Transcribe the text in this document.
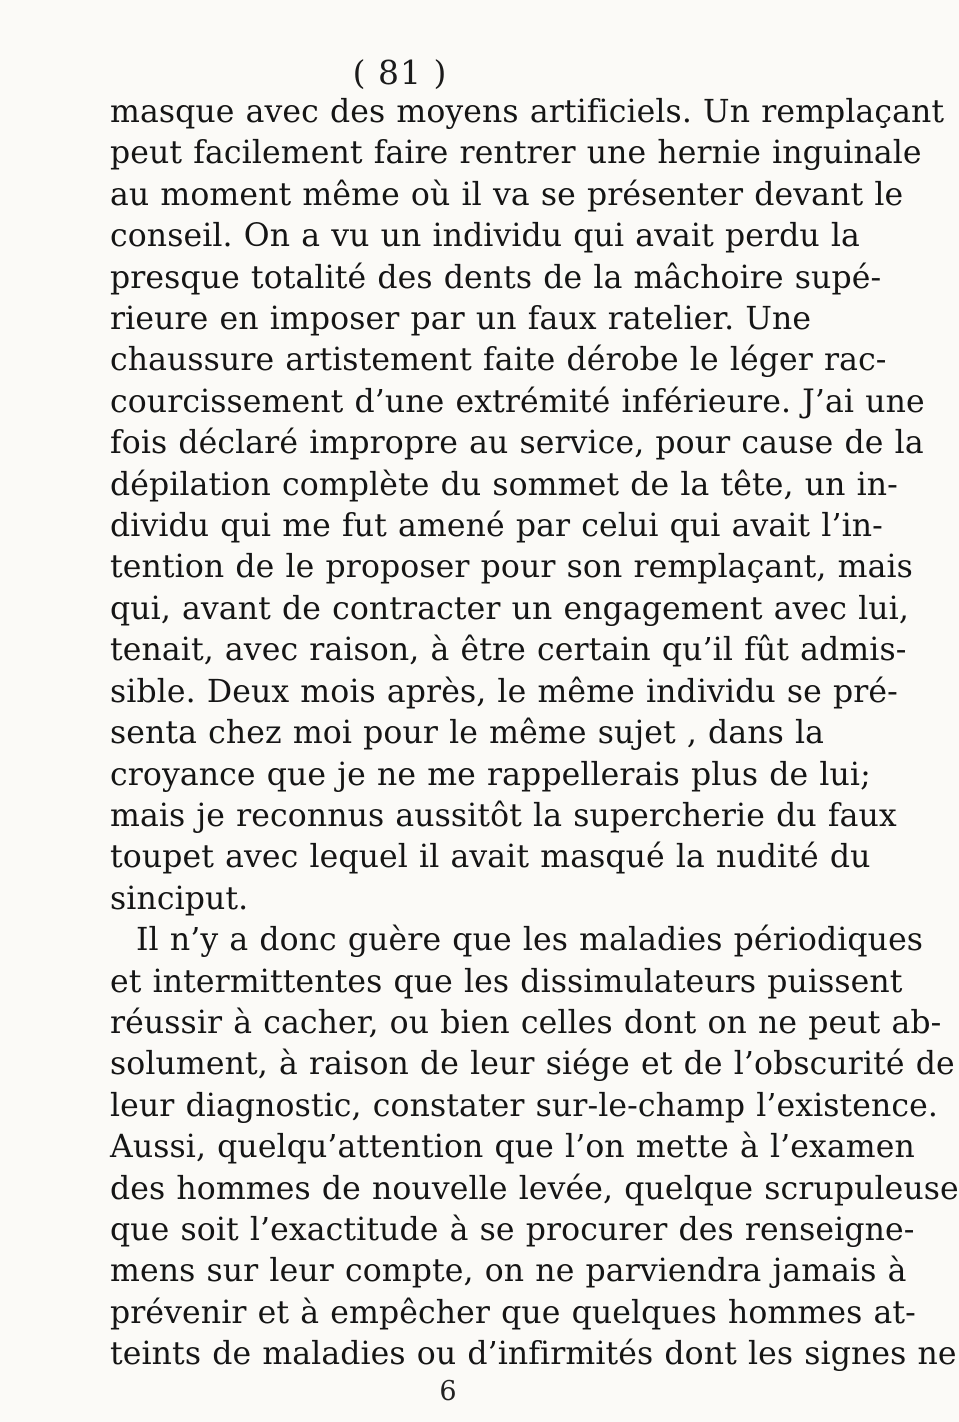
( 81 )
masque avec des moyens artificiels. Un remplaçant
peut facilement faire rentrer une hernie inguinale
au moment même où il va se présenter devant le
conseil. On a vu un individu qui avait perdu la
presque totalité des dents de la mâchoire supé-
rieure en imposer par un faux ratelier. Une
chaussure artistement faite dérobe le léger rac-
courcissement d’une extrémité inférieure. J’ai une
fois déclaré impropre au service, pour cause de la
dépilation complète du sommet de la tête, un in-
dividu qui me fut amené par celui qui avait l’in-
tention de le proposer pour son remplaçant, mais
qui, avant de contracter un engagement avec lui,
tenait, avec raison, à être certain qu’il fût admis-
sible. Deux mois après, le même individu se pré-
senta chez moi pour le même sujet , dans la
croyance que je ne me rappellerais plus de lui;
mais je reconnus aussitôt la supercherie du faux
toupet avec lequel il avait masqué la nudité du
sinciput.
Il n’y a donc guère que les maladies périodiques
et intermittentes que les dissimulateurs puissent
réussir à cacher, ou bien celles dont on ne peut ab-
solument, à raison de leur siége et de l’obscurité de
leur diagnostic, constater sur-le-champ l’existence.
Aussi, quelqu’attention que l’on mette à l’examen
des hommes de nouvelle levée, quelque scrupuleuse
que soit l’exactitude à se procurer des renseigne-
mens sur leur compte, on ne parviendra jamais à
prévenir et à empêcher que quelques hommes at-
teints de maladies ou d’infirmités dont les signes ne
6
